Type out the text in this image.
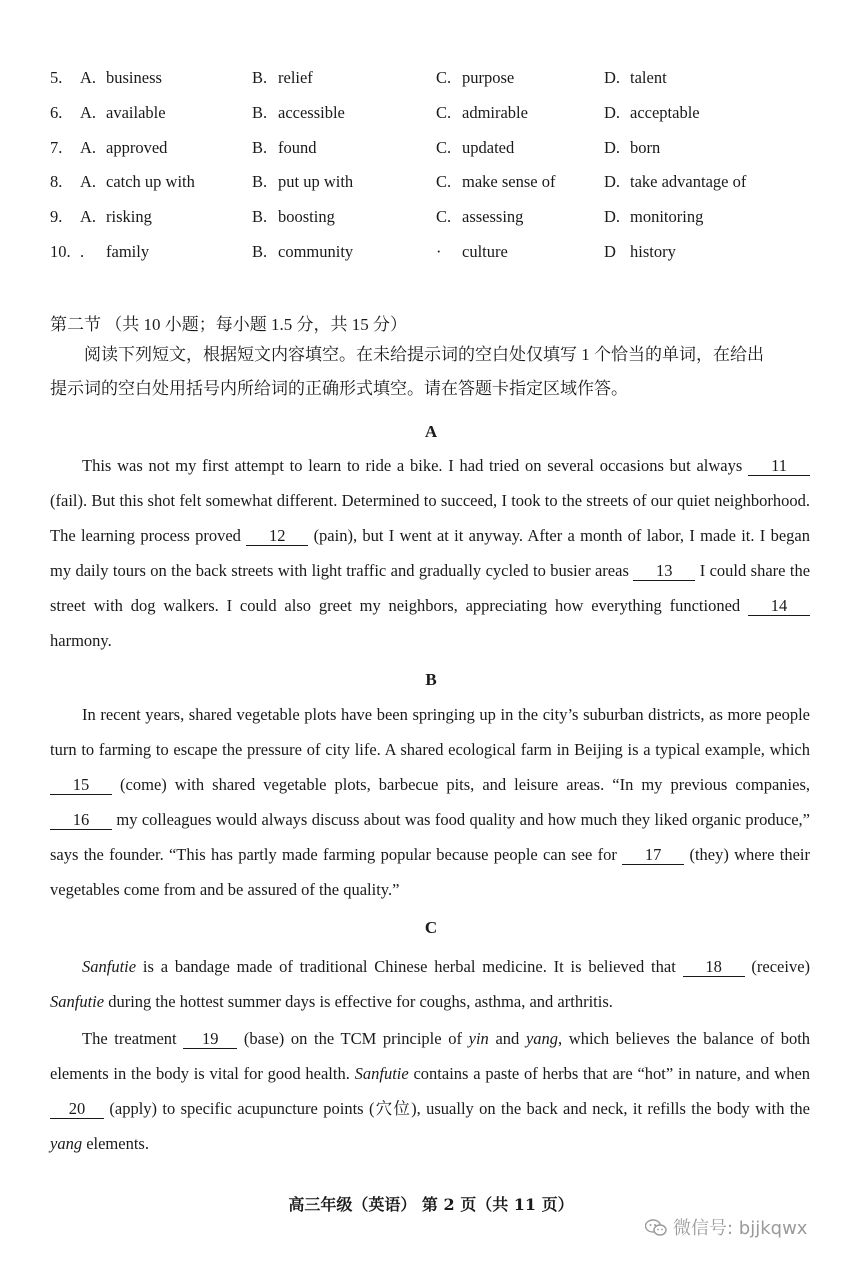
5. A. business	B. relief	C. purpose	D. talent
6. A. available	B. accessible	C. admirable	D. acceptable
7. A. approved	B. found	C. updated	D. born
8. A. catch up with	B. put up with	C. make sense of	D. take advantage of
9. A. risking	B. boosting	C. assessing	D. monitoring
10. . family	B. community	· culture	D history
第二节 （共 10 小题；每小题 1.5 分，共 15 分）

阅读下列短文，根据短文内容填空。在未给提示词的空白处仅填写 1 个恰当的单词，在给出

提示词的空白处用括号内所给词的正确形式填空。请在答题卡指定区域作答。

A
This was not my first attempt to learn to ride a bike. I had tried on several occasions but always 11 (fail). But this shot felt somewhat different. Determined to succeed, I took to the streets of our quiet neighborhood. The learning process proved 12 (pain), but I went at it anyway. After a month of labor, I made it. I began my daily tours on the back streets with light traffic and gradually cycled to busier areas 13 I could share the street with dog walkers. I could also greet my neighbors, appreciating how everything functioned 14 harmony.
B
In recent years, shared vegetable plots have been springing up in the city’s suburban districts, as more people turn to farming to escape the pressure of city life. A shared ecological farm in Beijing is a typical example, which 15 (come) with shared vegetable plots, barbecue pits, and leisure areas. “In my previous companies, 16 my colleagues would always discuss about was food quality and how much they liked organic produce,” says the founder. “This has partly made farming popular because people can see for 17 (they) where their vegetables come from and be assured of the quality.”
C
Sanfutie is a bandage made of traditional Chinese herbal medicine. It is believed that 18 (receive) Sanfutie during the hottest summer days is effective for coughs, asthma, and arthritis.
The treatment 19 (base) on the TCM principle of yin and yang, which believes the balance of both elements in the body is vital for good health. Sanfutie contains a paste of herbs that are “hot” in nature, and when 20 (apply) to specific acupuncture points (穴位), usually on the back and neck, it refills the body with the yang elements.
高三年级（英语） 第 2 页（共 11 页）
微信号: bjjkqwx
